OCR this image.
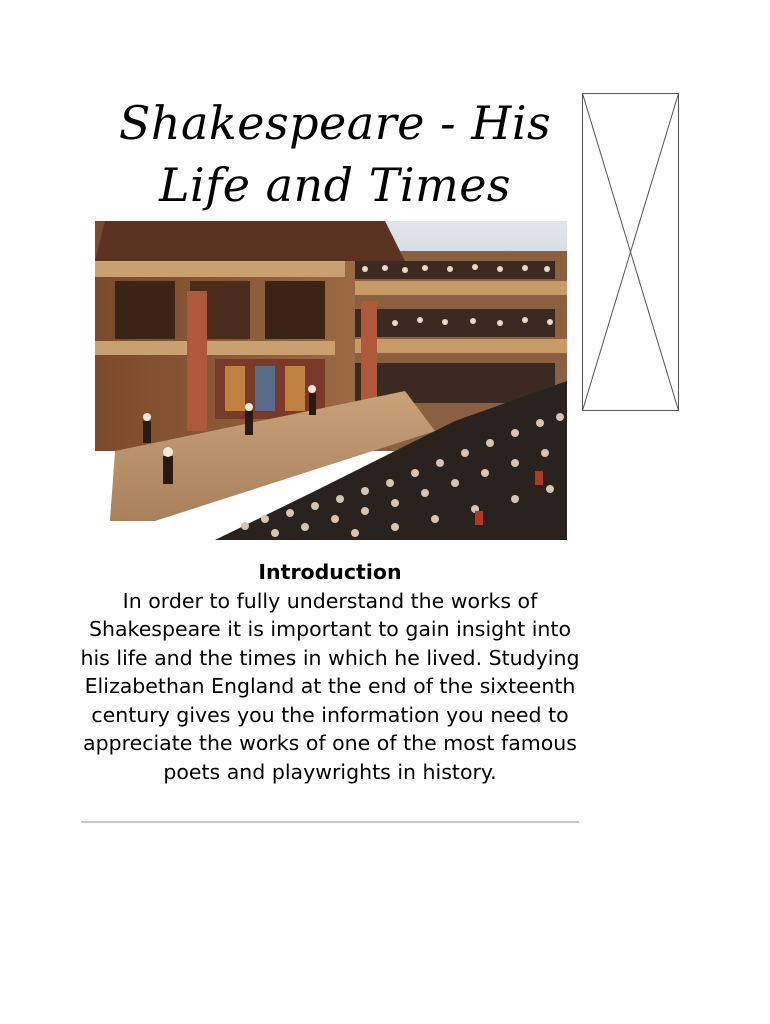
Shakespeare - His Life and Times
Introduction

In order to fully understand the works of Shakespeare it is important to gain insight into his life and the times in which he lived. Studying Elizabethan England at the end of the sixteenth century gives you the information you need to appreciate the works of one of the most famous poets and playwrights in history.
